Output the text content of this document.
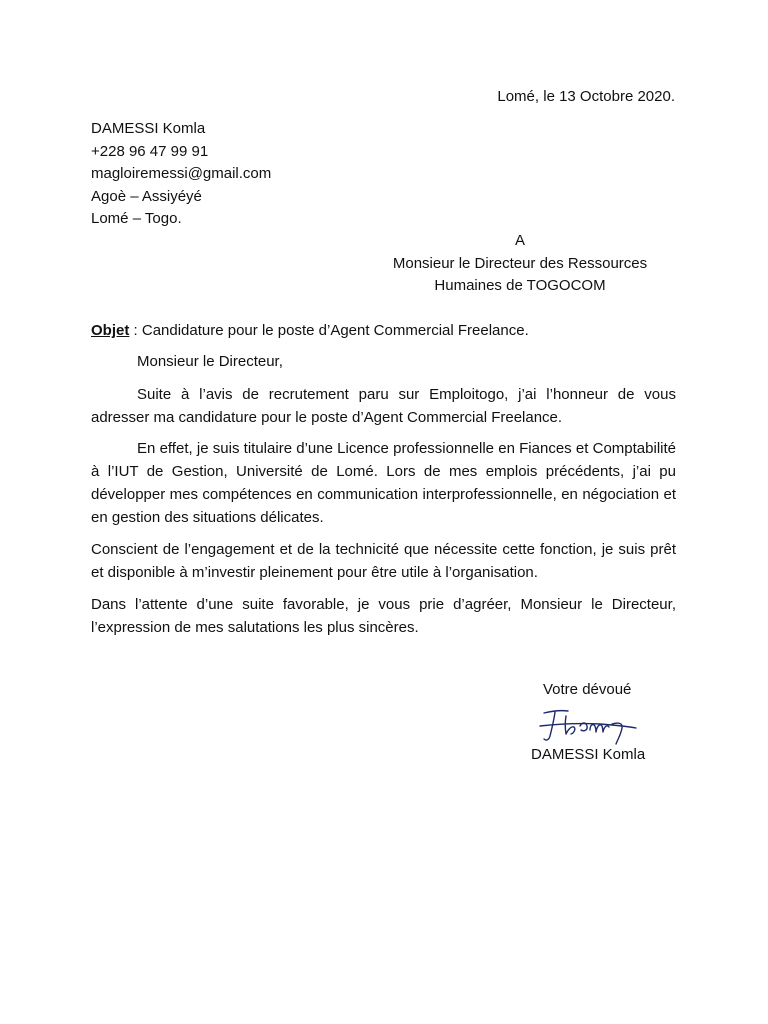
Lomé, le 13 Octobre 2020.
DAMESSI Komla
+228 96 47 99 91
magloiremessi@gmail.com
Agoè – Assiyéyé
Lomé – Togo.
A
Monsieur le Directeur des Ressources
Humaines de TOGOCOM
Objet : Candidature pour le poste d’Agent Commercial Freelance.
Monsieur le Directeur,

Suite à l’avis de recrutement paru sur Emploitogo, j’ai l’honneur de vous adresser ma candidature pour le poste d’Agent Commercial Freelance.

En effet, je suis titulaire d’une Licence professionnelle en Fiances et Comptabilité à l’IUT de Gestion, Université de Lomé. Lors de mes emplois précédents, j’ai pu développer mes compétences en communication interprofessionnelle, en négociation et en gestion des situations délicates.

Conscient de l’engagement et de la technicité que nécessite cette fonction, je suis prêt et disponible à m’investir pleinement pour être utile à l’organisation.

Dans l’attente d’une suite favorable, je vous prie d’agréer, Monsieur le Directeur, l’expression de mes salutations les plus sincères.

Votre dévoué
DAMESSI Komla
